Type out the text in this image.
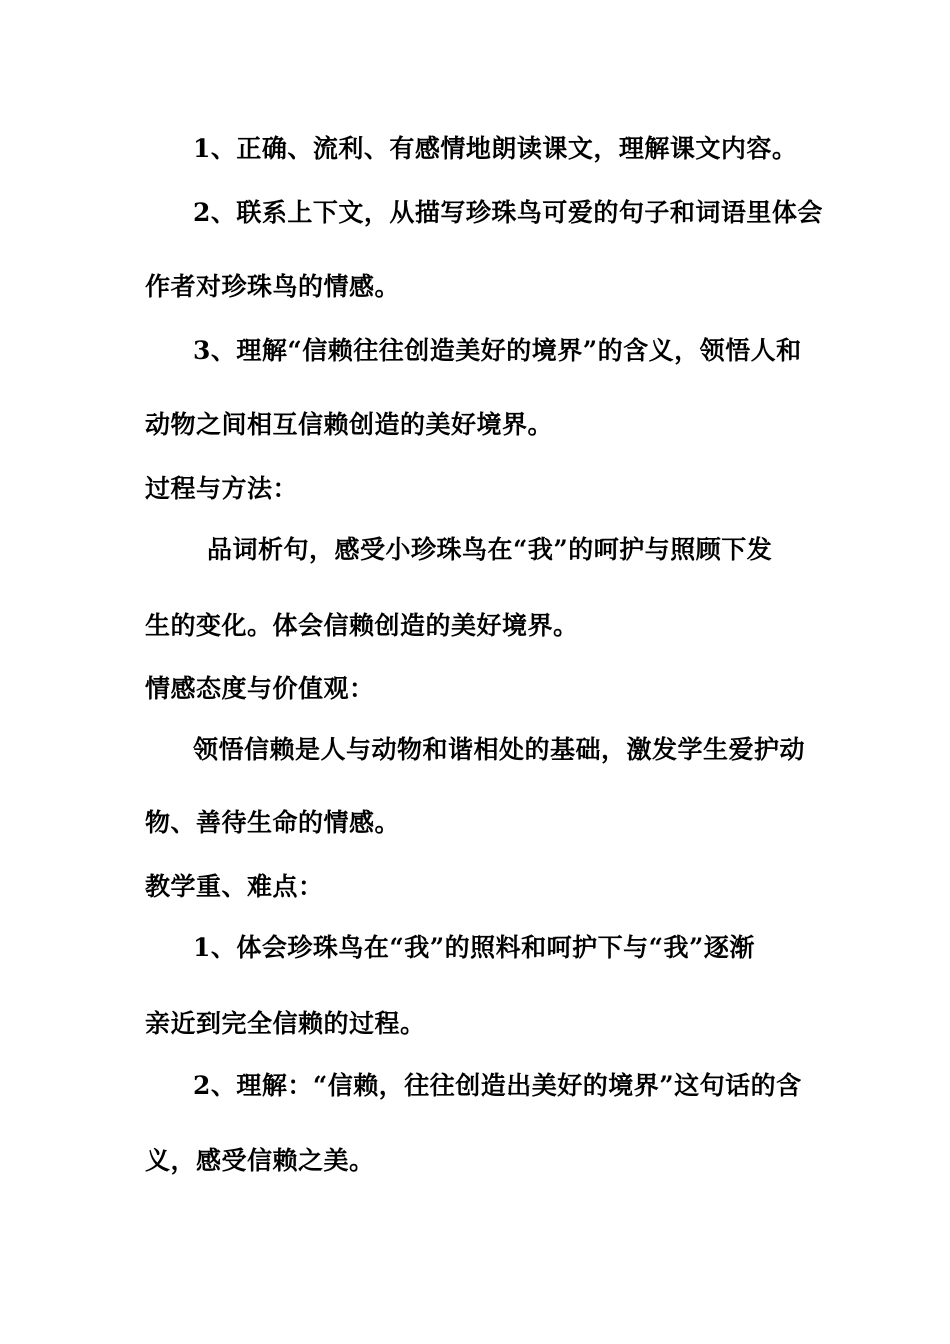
1、正确、流利、有感情地朗读课文，理解课文内容。
2、联系上下文，从描写珍珠鸟可爱的句子和词语里体会
作者对珍珠鸟的情感。
3、理解“信赖往往创造美好的境界”的含义，领悟人和
动物之间相互信赖创造的美好境界。
过程与方法：
品词析句，感受小珍珠鸟在“我”的呵护与照顾下发
生的变化。体会信赖创造的美好境界。
情感态度与价值观：
领悟信赖是人与动物和谐相处的基础，激发学生爱护动
物、善待生命的情感。
教学重、难点：
1、体会珍珠鸟在“我”的照料和呵护下与“我”逐渐
亲近到完全信赖的过程。
2、理解：“信赖，往往创造出美好的境界”这句话的含
义，感受信赖之美。
